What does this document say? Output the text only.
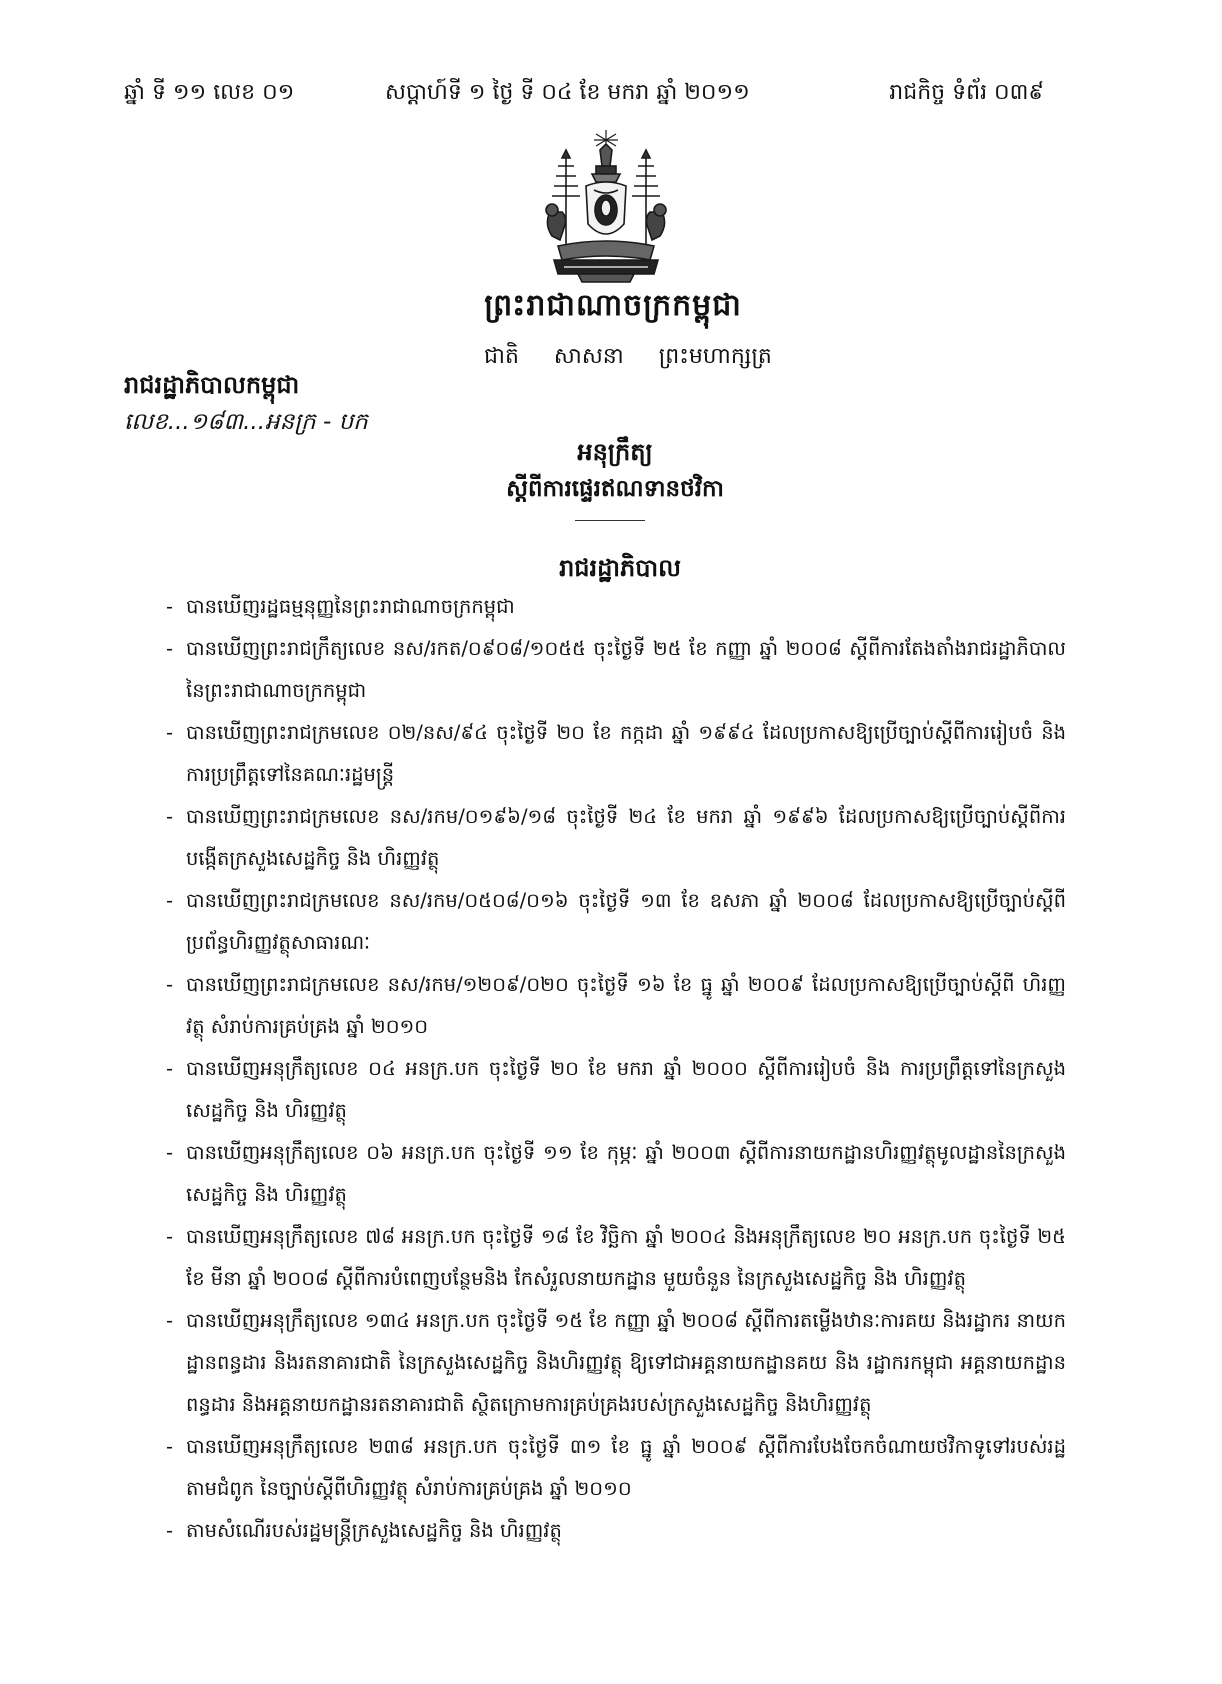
ឆ្នាំ ទី ១១ លេខ ០១	សប្តាហ៍ទី ១ ថ្ងៃ ទី ០៤ ខែ មករា ឆ្នាំ ២០១១	រាជកិច្ច ទំព័រ ០៣៩
ព្រះរាជាណាចក្រកម្ពុជា
ជាតិ សាសនា ព្រះមហាក្សត្រ
រាជរដ្ឋាភិបាលកម្ពុជា
លេខ...១៨៣...អនក្រ - បក
អនុក្រឹត្យ
ស្តីពីការផ្ទេរឥណទានថវិកា
រាជរដ្ឋាភិបាល
- បានឃើញរដ្ឋធម្មនុញ្ញនៃព្រះរាជាណាចក្រកម្ពុជា
- បានឃើញព្រះរាជក្រឹត្យលេខ នស/រកត/០៩០៨/១០៥៥ ចុះថ្ងៃទី ២៥ ខែ កញ្ញា ឆ្នាំ ២០០៨ ស្តីពីការតែងតាំងរាជរដ្ឋាភិបាល នៃព្រះរាជាណាចក្រកម្ពុជា
- បានឃើញព្រះរាជក្រមលេខ ០២/នស/៩៤ ចុះថ្ងៃទី ២០ ខែ កក្កដា ឆ្នាំ ១៩៩៤ ដែលប្រកាសឱ្យប្រើច្បាប់ស្តីពីការរៀបចំ និង ការប្រព្រឹត្តទៅនៃគណៈរដ្ឋមន្ត្រី
- បានឃើញព្រះរាជក្រមលេខ នស/រកម/០១៩៦/១៨ ចុះថ្ងៃទី ២៤ ខែ មករា ឆ្នាំ ១៩៩៦ ដែលប្រកាសឱ្យប្រើច្បាប់ស្តីពីការ បង្កើតក្រសួងសេដ្ឋកិច្ច និង ហិរញ្ញវត្ថុ
- បានឃើញព្រះរាជក្រមលេខ នស/រកម/០៥០៨/០១៦ ចុះថ្ងៃទី ១៣ ខែ ឧសភា ឆ្នាំ ២០០៨ ដែលប្រកាសឱ្យប្រើច្បាប់ស្តីពី ប្រព័ន្ធហិរញ្ញវត្ថុសាធារណៈ
- បានឃើញព្រះរាជក្រមលេខ នស/រកម/១២០៩/០២០ ចុះថ្ងៃទី ១៦ ខែ ធ្នូ ឆ្នាំ ២០០៩ ដែលប្រកាសឱ្យប្រើច្បាប់ស្តីពី ហិរញ្ញវត្ថុ សំរាប់ការគ្រប់គ្រង ឆ្នាំ ២០១០
- បានឃើញអនុក្រឹត្យលេខ ០៤ អនក្រ.បក ចុះថ្ងៃទី ២០ ខែ មករា ឆ្នាំ ២០០០ ស្តីពីការរៀបចំ និង ការប្រព្រឹត្តទៅនៃក្រសួង សេដ្ឋកិច្ច និង ហិរញ្ញវត្ថុ
- បានឃើញអនុក្រឹត្យលេខ ០៦ អនក្រ.បក ចុះថ្ងៃទី ១១ ខែ កុម្ភៈ ឆ្នាំ ២០០៣ ស្តីពីការនាយកដ្ឋានហិរញ្ញវត្ថុមូលដ្ឋាននៃក្រសួង សេដ្ឋកិច្ច និង ហិរញ្ញវត្ថុ
- បានឃើញអនុក្រឹត្យលេខ ៧៨ អនក្រ.បក ចុះថ្ងៃទី ១៨ ខែ វិច្ឆិកា ឆ្នាំ ២០០៤ និងអនុក្រឹត្យលេខ ២០ អនក្រ.បក ចុះថ្ងៃទី ២៥ ខែ មីនា ឆ្នាំ ២០០៨ ស្តីពីការបំពេញបន្ថែមនិង កែសំរួលនាយកដ្ឋាន មួយចំនួន នៃក្រសួងសេដ្ឋកិច្ច និង ហិរញ្ញវត្ថុ
- បានឃើញអនុក្រឹត្យលេខ ១៣៤ អនក្រ.បក ចុះថ្ងៃទី ១៥ ខែ កញ្ញា ឆ្នាំ ២០០៨ ស្តីពីការតម្លើងឋានៈការគយ និងរដ្ឋាករ នាយកដ្ឋានពន្ធដារ និងរតនាគារជាតិ នៃក្រសួងសេដ្ឋកិច្ច និងហិរញ្ញវត្ថុ ឱ្យទៅជាអគ្គនាយកដ្ឋានគយ និង រដ្ឋាករកម្ពុជា អគ្គនាយកដ្ឋានពន្ធដារ និងអគ្គនាយកដ្ឋានរតនាគារជាតិ ស្ថិតក្រោមការគ្រប់គ្រងរបស់ក្រសួងសេដ្ឋកិច្ច និងហិរញ្ញវត្ថុ
- បានឃើញអនុក្រឹត្យលេខ ២៣៨ អនក្រ.បក ចុះថ្ងៃទី ៣១ ខែ ធ្នូ ឆ្នាំ ២០០៩ ស្តីពីការបែងចែកចំណាយថវិកាទូទៅរបស់រដ្ឋ តាមជំពូក នៃច្បាប់ស្តីពីហិរញ្ញវត្ថុ សំរាប់ការគ្រប់គ្រង ឆ្នាំ ២០១០
- តាមសំណើរបស់រដ្ឋមន្ត្រីក្រសួងសេដ្ឋកិច្ច និង ហិរញ្ញវត្ថុ
